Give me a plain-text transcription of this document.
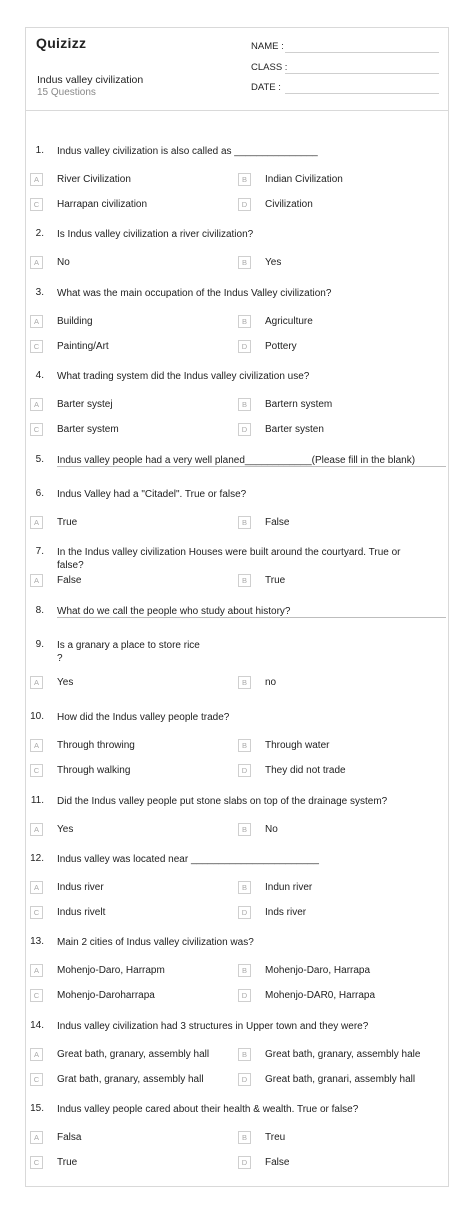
Quizizz
Indus valley civilization
15 Questions
NAME :
CLASS :
DATE :
1. Indus valley civilization is also called as _______________
A	River Civilization	B	Indian Civilization
C	Harrapan civilization	D	Civilization
2. Is Indus valley civilization a river civilization?
A	No	B	Yes
3. What was the main occupation of the Indus Valley civilization?
A	Building	B	Agriculture
C	Painting/Art	D	Pottery
4. What trading system did the Indus valley civilization use?
A	Barter systej	B	Bartern system
C	Barter system	D	Barter systen
5. Indus valley people had a very well planed____________(Please fill in the blank)
6. Indus Valley had a "Citadel". True or false?
A	True	B	False
7. In the Indus valley civilization Houses were built around the courtyard. True or false?
A	False	B	True
8. What do we call the people who study about history?
9. Is a granary a place to store rice
?
A	Yes	B	no
10. How did the Indus valley people trade?
A	Through throwing	B	Through water
C	Through walking	D	They did not trade
11. Did the Indus valley people put stone slabs on top of the drainage system?
A	Yes	B	No
12. Indus valley was located near _______________________
A	Indus river	B	Indun river
C	Indus rivelt	D	Inds river
13. Main 2 cities of Indus valley civilization was?
A	Mohenjo-Daro, Harrapm	B	Mohenjo-Daro, Harrapa
C	Mohenjo-Daroharrapa	D	Mohenjo-DAR0, Harrapa
14. Indus valley civilization had 3 structures in Upper town and they were?
A	Great bath, granary, assembly hall	B	Great bath, granary, assembly hale
C	Grat bath, granary, assembly hall	D	Great bath, granari, assembly hall
15. Indus valley people cared about their health & wealth. True or false?
A	Falsa	B	Treu
C	True	D	False
